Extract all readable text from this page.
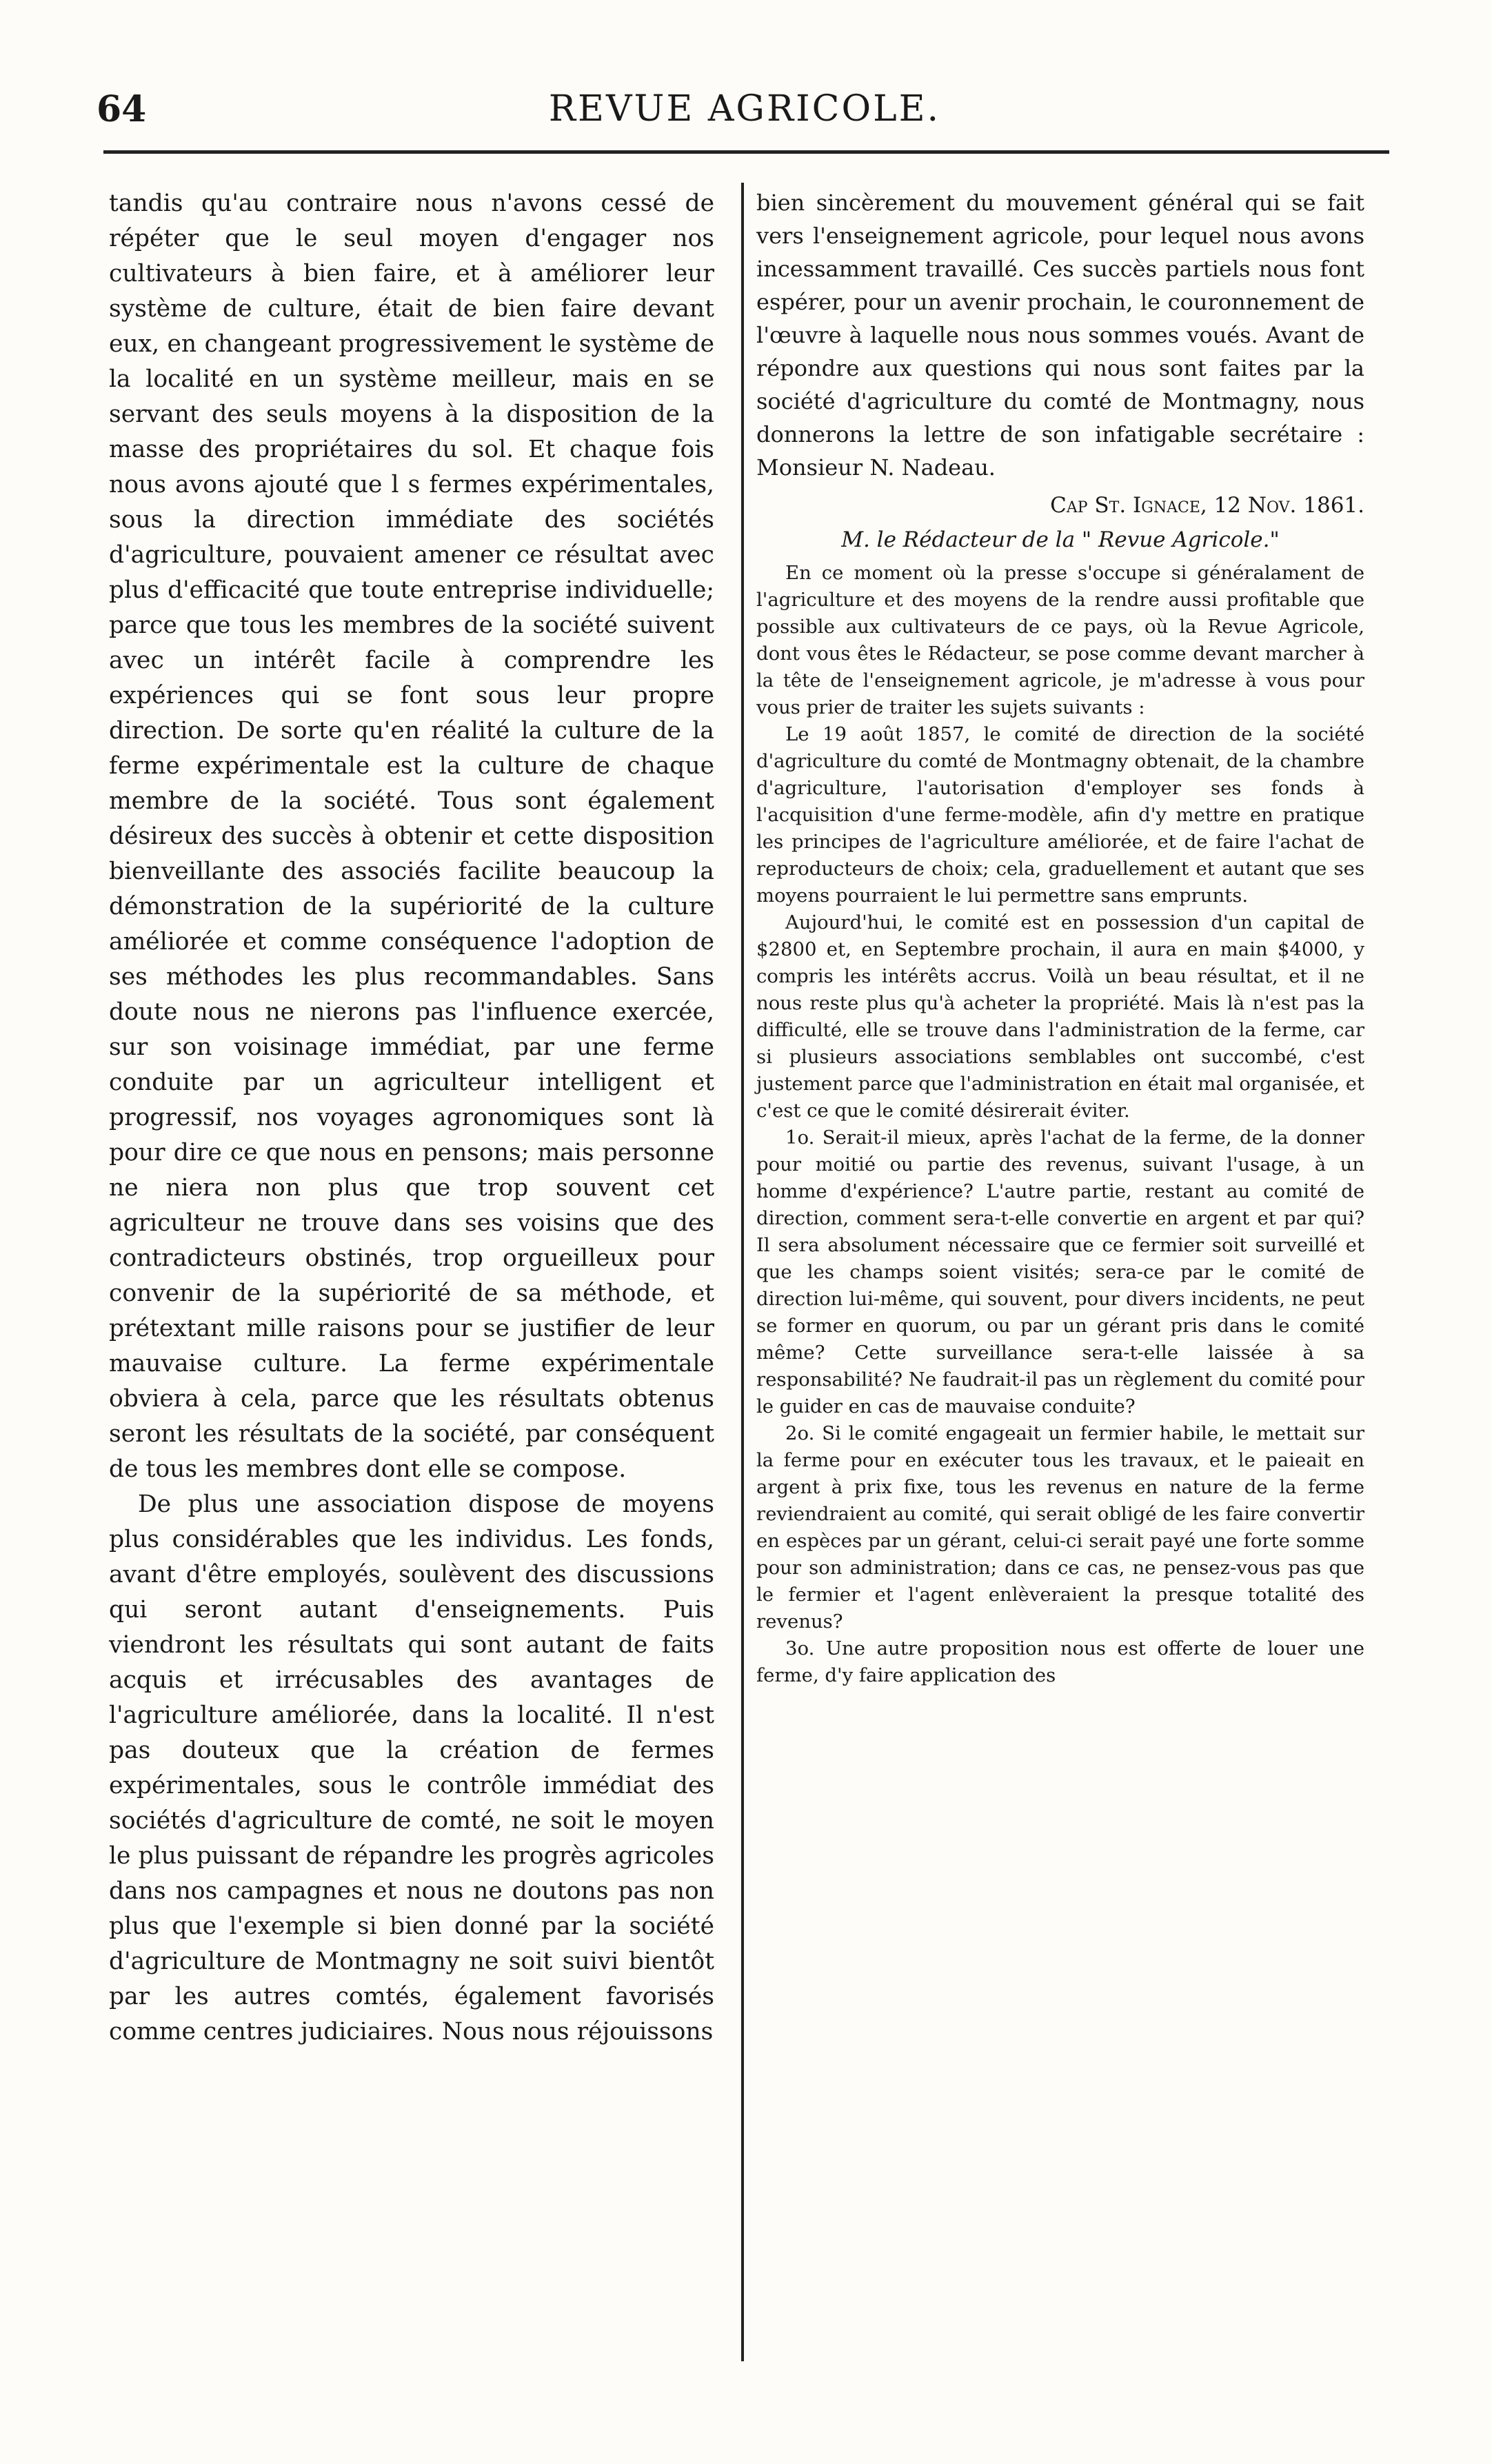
64	REVUE AGRICOLE.

tandis qu'au contraire nous n'avons cessé de répéter que le seul moyen d'engager nos cultivateurs à bien faire, et à améliorer leur système de culture, était de bien faire devant eux, en changeant progressivement le système de la localité en un système meilleur, mais en se servant des seuls moyens à la disposition de la masse des propriétaires du sol. Et chaque fois nous avons ajouté que l s fermes expérimentales, sous la direction immédiate des sociétés d'agriculture, pouvaient amener ce résultat avec plus d'efficacité que toute entreprise individuelle; parce que tous les membres de la société suivent avec un intérêt facile à comprendre les expériences qui se font sous leur propre direction. De sorte qu'en réalité la culture de la ferme expérimentale est la culture de chaque membre de la société. Tous sont également désireux des succès à obtenir et cette disposition bienveillante des associés facilite beaucoup la démonstration de la supériorité de la culture améliorée et comme conséquence l'adoption de ses méthodes les plus recommandables. Sans doute nous ne nierons pas l'influence exercée, sur son voisinage immédiat, par une ferme conduite par un agriculteur intelligent et progressif, nos voyages agronomiques sont là pour dire ce que nous en pensons; mais personne ne niera non plus que trop souvent cet agriculteur ne trouve dans ses voisins que des contradicteurs obstinés, trop orgueilleux pour convenir de la supériorité de sa méthode, et prétextant mille raisons pour se justifier de leur mauvaise culture. La ferme expérimentale obviera à cela, parce que les résultats obtenus seront les résultats de la société, par conséquent de tous les membres dont elle se compose.

De plus une association dispose de moyens plus considérables que les individus. Les fonds, avant d'être employés, soulèvent des discussions qui seront autant d'enseignements. Puis viendront les résultats qui sont autant de faits acquis et irrécusables des avantages de l'agriculture améliorée, dans la localité. Il n'est pas douteux que la création de fermes expérimentales, sous le contrôle immédiat des sociétés d'agriculture de comté, ne soit le moyen le plus puissant de répandre les progrès agricoles dans nos campagnes et nous ne doutons pas non plus que l'exemple si bien donné par la société d'agriculture de Montmagny ne soit suivi bientôt par les autres comtés, également favorisés comme centres judiciaires. Nous nous réjouissons

bien sincèrement du mouvement général qui se fait vers l'enseignement agricole, pour lequel nous avons incessamment travaillé. Ces succès partiels nous font espérer, pour un avenir prochain, le couronnement de l'œuvre à laquelle nous nous sommes voués. Avant de répondre aux questions qui nous sont faites par la société d'agriculture du comté de Montmagny, nous donnerons la lettre de son infatigable secrétaire : Monsieur N. Nadeau.

Cap St. Ignace, 12 Nov. 1861.

M. le Rédacteur de la " Revue Agricole."

En ce moment où la presse s'occupe si généralament de l'agriculture et des moyens de la rendre aussi profitable que possible aux cultivateurs de ce pays, où la Revue Agricole, dont vous êtes le Rédacteur, se pose comme devant marcher à la tête de l'enseignement agricole, je m'adresse à vous pour vous prier de traiter les sujets suivants :

Le 19 août 1857, le comité de direction de la société d'agriculture du comté de Montmagny obtenait, de la chambre d'agriculture, l'autorisation d'employer ses fonds à l'acquisition d'une ferme-modèle, afin d'y mettre en pratique les principes de l'agriculture améliorée, et de faire l'achat de reproducteurs de choix; cela, graduellement et autant que ses moyens pourraient le lui permettre sans emprunts.

Aujourd'hui, le comité est en possession d'un capital de $2800 et, en Septembre prochain, il aura en main $4000, y compris les intérêts accrus. Voilà un beau résultat, et il ne nous reste plus qu'à acheter la propriété. Mais là n'est pas la difficulté, elle se trouve dans l'administration de la ferme, car si plusieurs associations semblables ont succombé, c'est justement parce que l'administration en était mal organisée, et c'est ce que le comité désirerait éviter.

1o. Serait-il mieux, après l'achat de la ferme, de la donner pour moitié ou partie des revenus, suivant l'usage, à un homme d'expérience? L'autre partie, restant au comité de direction, comment sera-t-elle convertie en argent et par qui? Il sera absolument nécessaire que ce fermier soit surveillé et que les champs soient visités; sera-ce par le comité de direction lui-même, qui souvent, pour divers incidents, ne peut se former en quorum, ou par un gérant pris dans le comité même? Cette surveillance sera-t-elle laissée à sa responsabilité? Ne faudrait-il pas un règlement du comité pour le guider en cas de mauvaise conduite?

2o. Si le comité engageait un fermier habile, le mettait sur la ferme pour en exécuter tous les travaux, et le paieait en argent à prix fixe, tous les revenus en nature de la ferme reviendraient au comité, qui serait obligé de les faire convertir en espèces par un gérant, celui-ci serait payé une forte somme pour son administration; dans ce cas, ne pensez-vous pas que le fermier et l'agent enlèveraient la presque totalité des revenus?

3o. Une autre proposition nous est offerte de louer une ferme, d'y faire application des
